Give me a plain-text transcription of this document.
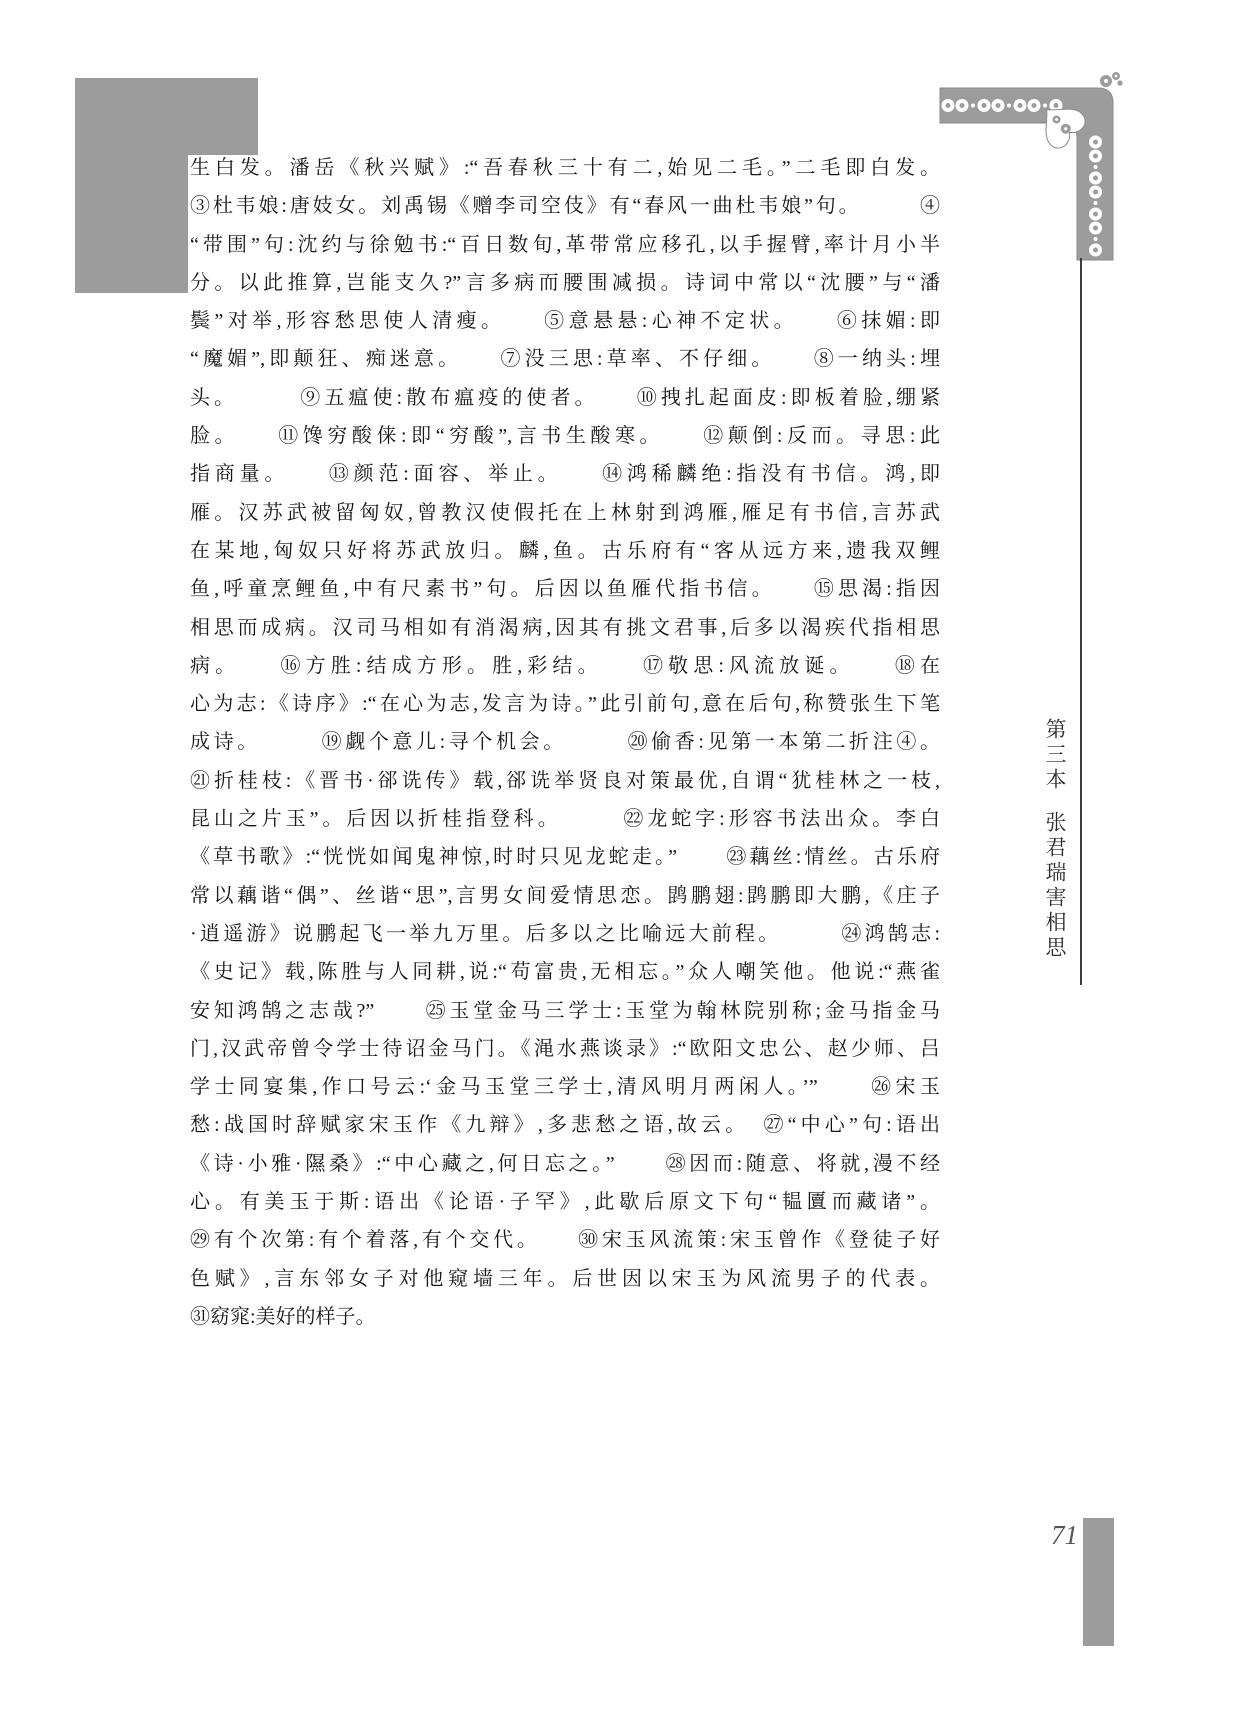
生白发。潘岳《秋兴赋》:“吾春秋三十有二,始见二毛。”二毛即白发。
③杜韦娘:唐妓女。刘禹锡《赠李司空伎》有“春风一曲杜韦娘”句。　　　④
“带围”句:沈约与徐勉书:“百日数旬,革带常应移孔,以手握臂,率计月小半
分。以此推算,岂能支久?”言多病而腰围减损。诗词中常以“沈腰”与“潘
鬓”对举,形容愁思使人清瘦。　　⑤意悬悬:心神不定状。　　⑥抹媚:即
“魔媚”,即颠狂、痴迷意。　　⑦没三思:草率、不仔细。　　⑧一纳头:埋
头。　　　⑨五瘟使:散布瘟疫的使者。　　⑩拽扎起面皮:即板着脸,绷紧
脸。　　⑪馋穷酸俫:即“穷酸”,言书生酸寒。　　⑫颠倒:反而。寻思:此
指商量。　　⑬颜范:面容、举止。　　⑭鸿稀麟绝:指没有书信。鸿,即
雁。汉苏武被留匈奴,曾教汉使假托在上林射到鸿雁,雁足有书信,言苏武
在某地,匈奴只好将苏武放归。麟,鱼。古乐府有“客从远方来,遗我双鲤
鱼,呼童烹鲤鱼,中有尺素书”句。后因以鱼雁代指书信。　　⑮思渴:指因
相思而成病。汉司马相如有消渴病,因其有挑文君事,后多以渴疾代指相思
病。　　⑯方胜:结成方形。胜,彩结。　　⑰敬思:风流放诞。　　⑱在
心为志:《诗序》:“在心为志,发言为诗。”此引前句,意在后句,称赞张生下笔
成诗。　　　⑲觑个意儿:寻个机会。　　　⑳偷香:见第一本第二折注④。
㉑折桂枝:《晋书·郤诜传》载,郤诜举贤良对策最优,自谓“犹桂林之一枝,
昆山之片玉”。后因以折桂指登科。　　　㉒龙蛇字:形容书法出众。李白
《草书歌》:“恍恍如闻鬼神惊,时时只见龙蛇走。”　　㉓藕丝:情丝。古乐府
常以藕谐“偶”、丝谐“思”,言男女间爱情思恋。鹍鹏翅:鹍鹏即大鹏,《庄子
·逍遥游》说鹏起飞一举九万里。后多以之比喻远大前程。　　　㉔鸿鹄志:
《史记》载,陈胜与人同耕,说:“苟富贵,无相忘。”众人嘲笑他。他说:“燕雀
安知鸿鹄之志哉?”　　㉕玉堂金马三学士:玉堂为翰林院别称;金马指金马
门,汉武帝曾令学士待诏金马门。《渑水燕谈录》:“欧阳文忠公、赵少师、吕
学士同宴集,作口号云:‘金马玉堂三学士,清风明月两闲人。’”　　㉖宋玉
愁:战国时辞赋家宋玉作《九辩》,多悲愁之语,故云。　㉗“中心”句:语出
《诗·小雅·隰桑》:“中心藏之,何日忘之。”　　㉘因而:随意、将就,漫不经
心。有美玉于斯:语出《论语·子罕》,此歇后原文下句“韫匵而藏诸”。
㉙有个次第:有个着落,有个交代。　　㉚宋玉风流策:宋玉曾作《登徒子好
色赋》,言东邻女子对他窥墙三年。后世因以宋玉为风流男子的代表。
㉛窈窕:美好的样子。
第三本张君瑞害相思
71
